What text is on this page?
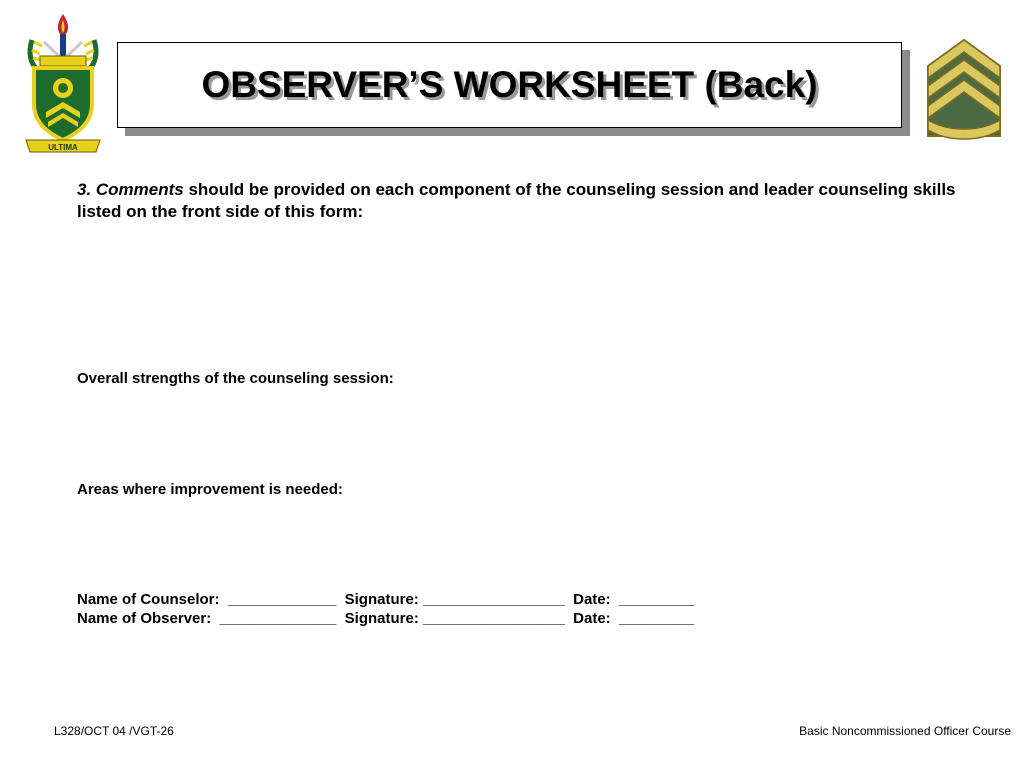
ULTIMA
OBSERVER’S WORKSHEET (Back)
3. Comments should be provided on each component of the counseling session and leader counseling skills listed on the front side of this form:
Overall strengths of the counseling session:
Areas where improvement is needed:
Name of Counselor:  _____________  Signature: _________________  Date:  _________
Name of Observer:  ______________  Signature: _________________  Date:  _________
L328/OCT 04 /VGT-26	Basic Noncommissioned Officer Course
